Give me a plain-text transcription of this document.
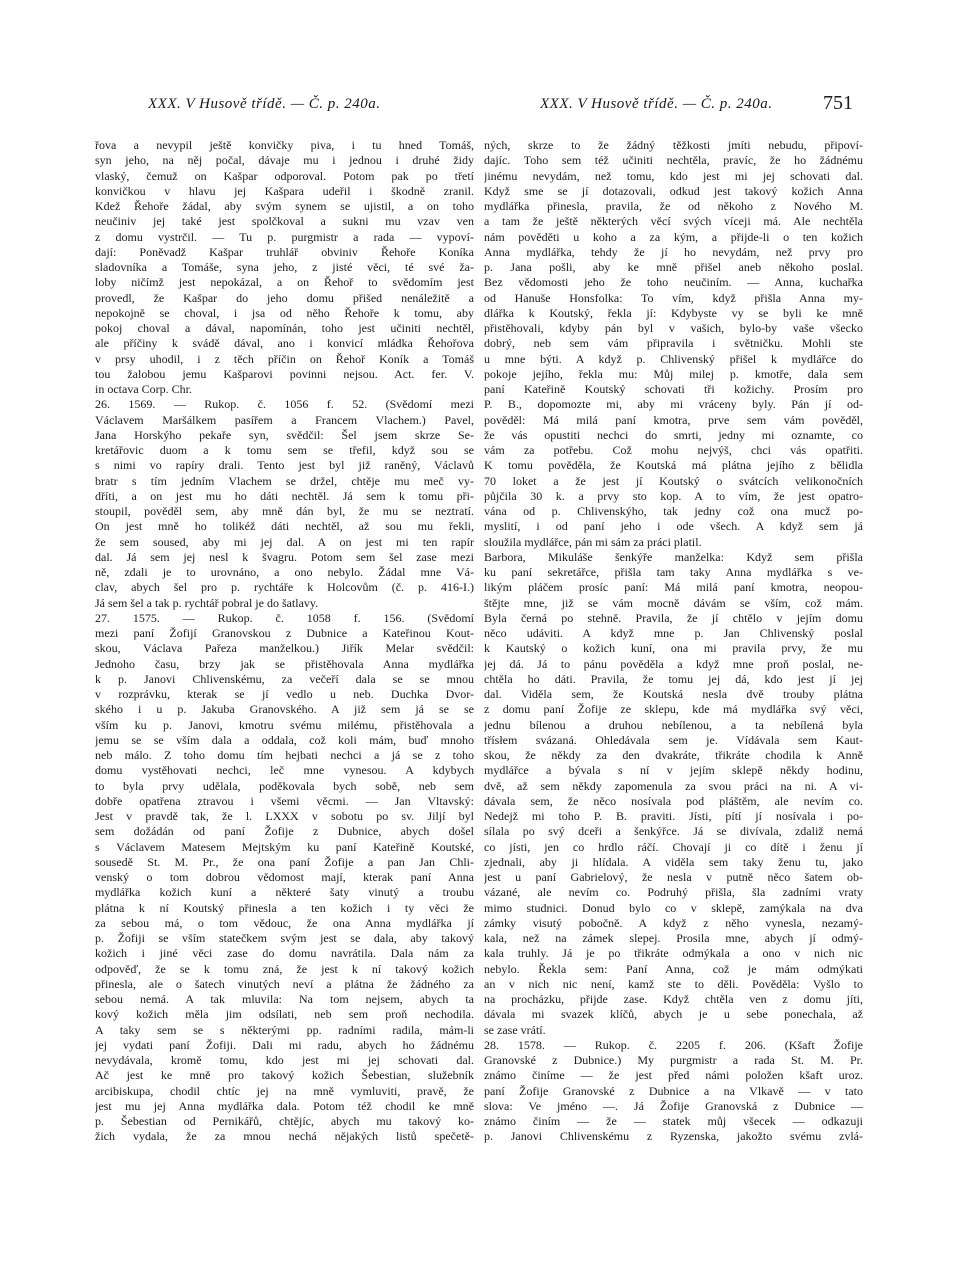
XXX. V Husově třídě. — Č. p. 240a.	XXX. V Husově třídě. — Č. p. 240a.	751
řova a nevypil ještě konvičky piva, i tu hned Tomáš,
syn jeho, na něj počal, dávaje mu i jednou i druhé židy
vlaský, čemuž on Kašpar odporoval. Potom pak po třetí
konvičkou v hlavu jej Kašpara udeřil i škodně zranil.
Kdež Řehoře žádal, aby svým synem se ujistil, a on toho
neučiniv jej také jest spolčkoval a sukni mu vzav ven
z domu vystrčil. — Tu p. purgmistr a rada — vypoví-
dají: Poněvadž Kašpar truhlář obviniv Řehoře Koníka
sladovníka a Tomáše, syna jeho, z jisté věci, té své ža-
loby ničímž jest nepokázal, a on Řehoř to svědomím jest
provedl, že Kašpar do jeho domu přišed nenáležitě a
nepokojně se choval, i jsa od něho Řehoře k tomu, aby
pokoj choval a dával, napomínán, toho jest učiniti nechtěl,
ale příčiny k svádě dával, ano i konvicí mládka Řehořova
v prsy uhodil, i z těch příčin on Řehoř Koník a Tomáš
tou žalobou jemu Kašparovi povinni nejsou. Act. fer. V.
in octava Corp. Chr.
26. 1569. — Rukop. č. 1056 f. 52. (Svědomí mezi
Václavem Maršálkem pasířem a Francem Vlachem.) Pavel,
Jana Horskýho pekaře syn, svědčil: Šel jsem skrze Se-
kretářovic duom a k tomu sem se třefil, když sou se
s nimi vo rapíry drali. Tento jest byl již raněný, Václavů
bratr s tím jedním Vlachem se držel, chtěje mu meč vy-
dříti, a on jest mu ho dáti nechtěl. Já sem k tomu při-
stoupil, pověděl sem, aby mně dán byl, že mu se neztratí.
On jest mně ho tolikéž dáti nechtěl, až sou mu řekli,
že sem soused, aby mi jej dal. A on jest mi ten rapír
dal. Já sem jej nesl k švagru. Potom sem šel zase mezi
ně, zdali je to urovnáno, a ono nebylo. Žádal mne Vá-
clav, abych šel pro p. rychtáře k Holcovům (č. p. 416-I.)
Já sem šel a tak p. rychtář pobral je do šatlavy.
27. 1575. — Rukop. č. 1058 f. 156. (Svědomí
mezi paní Žofijí Granovskou z Dubnice a Kateřinou Kout-
skou, Václava Pařeza manželkou.) Jiřík Melar svědčil:
Jednoho času, brzy jak se přistěhovala Anna mydlářka
k p. Janovi Chlivenskému, za večeří dala se se mnou
v rozprávku, kterak se jí vedlo u neb. Duchka Dvor-
ského i u p. Jakuba Granovského. A již sem já se se
vším ku p. Janovi, kmotru svému milému, přistěhovala a
jemu se se vším dala a oddala, což koli mám, buď mnoho
neb málo. Z toho domu tím hejbati nechci a já se z toho
domu vystěhovati nechci, leč mne vynesou. A kdybych
to byla prvy udělala, poděkovala bych sobě, neb sem
dobře opatřena ztravou i všemi věcmi. — Jan Vltavský:
Jest v pravdě tak, že l. LXXX v sobotu po sv. Jiljí byl
sem dožádán od paní Žofije z Dubnice, abych došel
s Václavem Matesem Mejtským ku paní Kateřině Koutské,
sousedě St. M. Pr., že ona paní Žofije a pan Jan Chli-
venský o tom dobrou vědomost mají, kterak paní Anna
mydlářka kožich kuní a některé šaty vinutý a troubu
plátna k ní Koutský přinesla a ten kožich i ty věci že
za sebou má, o tom vědouc, že ona Anna mydlářka jí
p. Žofiji se vším statečkem svým jest se dala, aby takový
kožich i jiné věci zase do domu navrátila. Dala nám za
odpověď, že se k tomu zná, že jest k ní takový kožich
přinesla, ale o šatech vinutých neví a plátna že žádného za
sebou nemá. A tak mluvila: Na tom nejsem, abych ta
kový kožich měla jim odsílati, neb sem proň nechodila.
A taky sem se s některými pp. radními radila, mám-li
jej vydati paní Žofiji. Dali mi radu, abych ho žádnému
nevydávala, kromě tomu, kdo jest mi jej schovati dal.
Ač jest ke mně pro takový kožich Šebestian, služebník
arcibiskupa, chodil chtíc jej na mně vymluviti, pravě, že
jest mu jej Anna mydlářka dala. Potom též chodil ke mně
p. Šebestian od Pernikářů, chtějíc, abych mu takový ko-
žich vydala, že za mnou nechá nějakých listů spečetě-
ných, skrze to že žádný těžkosti jmíti nebudu, připoví-
dajíc. Toho sem též učiniti nechtěla, pravíc, že ho žádnému
jinému nevydám, než tomu, kdo jest mi jej schovati dal.
Když sme se jí dotazovali, odkud jest takový kožich Anna
mydlářka přinesla, pravila, že od někoho z Nového M.
a tam že ještě některých věcí svých víceji má. Ale nechtěla
nám pověděti u koho a za kým, a přijde-li o ten kožich
Anna mydlářka, tehdy že jí ho nevydám, než prvy pro
p. Jana pošli, aby ke mně přišel aneb někoho poslal.
Bez vědomosti jeho že toho neučiním. — Anna, kuchařka
od Hanuše Honsfolka: To vím, když přišla Anna my-
dlářka k Koutský, řekla jí: Kdybyste vy se byli ke mně
přistěhovali, kdyby pán byl v vašich, bylo-by vaše všecko
dobrý, neb sem vám připravila i světničku. Mohli ste
u mne býti. A když p. Chlivenský přišel k mydlářce do
pokoje jejího, řekla mu: Můj milej p. kmotře, dala sem
paní Kateřině Koutský schovati tři kožichy. Prosím pro
P. B., dopomozte mi, aby mi vráceny byly. Pán jí od-
pověděl: Má milá paní kmotra, prve sem vám pověděl,
že vás opustiti nechci do smrti, jedny mi oznamte, co
vám za potřebu. Což mohu nejvýš, chci vás opatřiti.
K tomu pověděla, že Koutská má plátna jejího z bělidla
70 loket a že jest jí Koutský o svátcích velikonočních
půjčila 30 k. a prvy sto kop. A to vím, že jest opatro-
vána od p. Chlivenskýho, tak jedny což ona mucž po-
myslití, i od paní jeho i ode všech. A když sem já
sloužila mydlářce, pán mi sám za práci platil.
Barbora, Mikuláše šenkýře manželka: Když sem přišla
ku paní sekretářce, přišla tam taky Anna mydlářka s ve-
likým pláčem prosíc paní: Má milá paní kmotra, neopou-
štějte mne, již se vám mocně dávám se vším, což mám.
Byla černá po stehně. Pravila, že jí chtělo v jejím domu
něco udáviti. A když mne p. Jan Chlivenský poslal
k Kautský o kožich kuní, ona mi pravila prvy, že mu
jej dá. Já to pánu pověděla a když mne proň poslal, ne-
chtěla ho dáti. Pravila, že tomu jej dá, kdo jest jí jej
dal. Viděla sem, že Koutská nesla dvě trouby plátna
z domu paní Žofije ze sklepu, kde má mydlářka svý věci,
jednu bílenou a druhou nebílenou, a ta nebílená byla
třísłem svázaná. Ohledávala sem je. Vídávala sem Kaut-
skou, že někdy za den dvakráte, třikráte chodila k Anně
mydlářce a bývala s ní v jejím sklepě někdy hodinu,
dvě, až sem někdy zapomenula za svou práci na ni. A vi-
dávala sem, že něco nosívala pod pláštěm, ale nevím co.
Nedejž mi toho P. B. praviti. Jísti, pítí jí nosívala i po-
sílala po svý dceři a šenkýřce. Já se divívala, zdaliž nemá
co jísti, jen co hrdlo ráčí. Chovají ji co dítě i ženu jí
zjednali, aby ji hlídala. A viděla sem taky ženu tu, jako
jest u paní Gabrielový, že nesla v putně něco šatem ob-
vázané, ale nevím co. Podruhý přišla, šla zadními vraty
mimo studnici. Donud bylo co v sklepě, zamýkala na dva
zámky visutý pobočně. A když z něho vynesla, nezamý-
kala, než na zámek slepej. Prosila mne, abych jí odmý-
kala truhly. Já je po třikráte odmýkala a ono v nich nic
nebylo. Řekla sem: Paní Anna, což je mám odmýkati
an v nich nic není, kamž ste to děli. Pověděla: Vyšlo to
na procházku, přijde zase. Když chtěla ven z domu jíti,
dávala mi svazek klíčů, abych je u sebe ponechala, až
se zase vrátí.
28. 1578. — Rukop. č. 2205 f. 206. (Kšaft Žofije
Granovské z Dubnice.) My purgmistr a rada St. M. Pr.
známo činíme — že jest před námi položen kšaft uroz.
paní Žofije Granovské z Dubnice a na Vlkavě — v tato
slova: Ve jméno —. Já Žofije Granovská z Dubnice —
známo činím — že — statek můj všecek — odkazuji
p. Janovi Chlivenskému z Ryzenska, jakožto svému zvlá-
